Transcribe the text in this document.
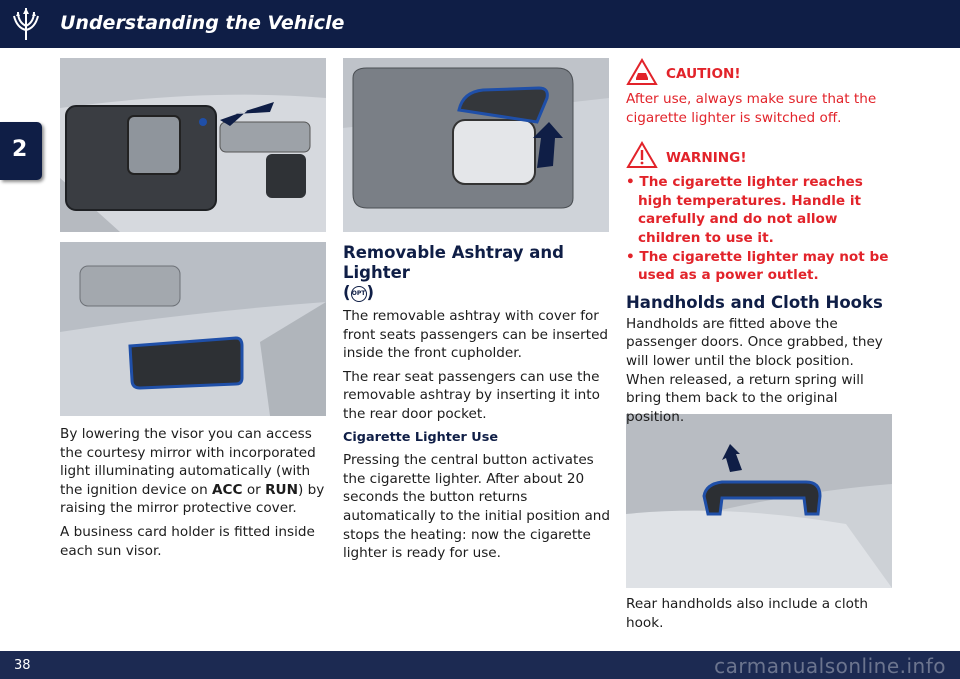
Understanding the Vehicle
2

By lowering the visor you can access the courtesy mirror with incorporated light illuminating automatically (with the ignition device on ACC or RUN) by raising the mirror protective cover.

A business card holder is fitted inside each sun visor.

Removable Ashtray and Lighter
(OPT)

The removable ashtray with cover for front seats passengers can be inserted inside the front cupholder.

The rear seat passengers can use the removable ashtray by inserting it into the rear door pocket.

Cigarette Lighter Use

Pressing the central button activates the cigarette lighter. After about 20 seconds the button returns automatically to the initial position and stops the heating: now the cigarette lighter is ready for use.

CAUTION!

After use, always make sure that the cigarette lighter is switched off.

WARNING!
• The cigarette lighter reaches high temperatures. Handle it carefully and do not allow children to use it.
• The cigarette lighter may not be used as a power outlet.
Handholds and Cloth Hooks

Handholds are fitted above the passenger doors. Once grabbed, they will lower until the block position. When released, a return spring will bring them back to the original position.

Rear handholds also include a cloth hook.

38	carmanualsonline.info
